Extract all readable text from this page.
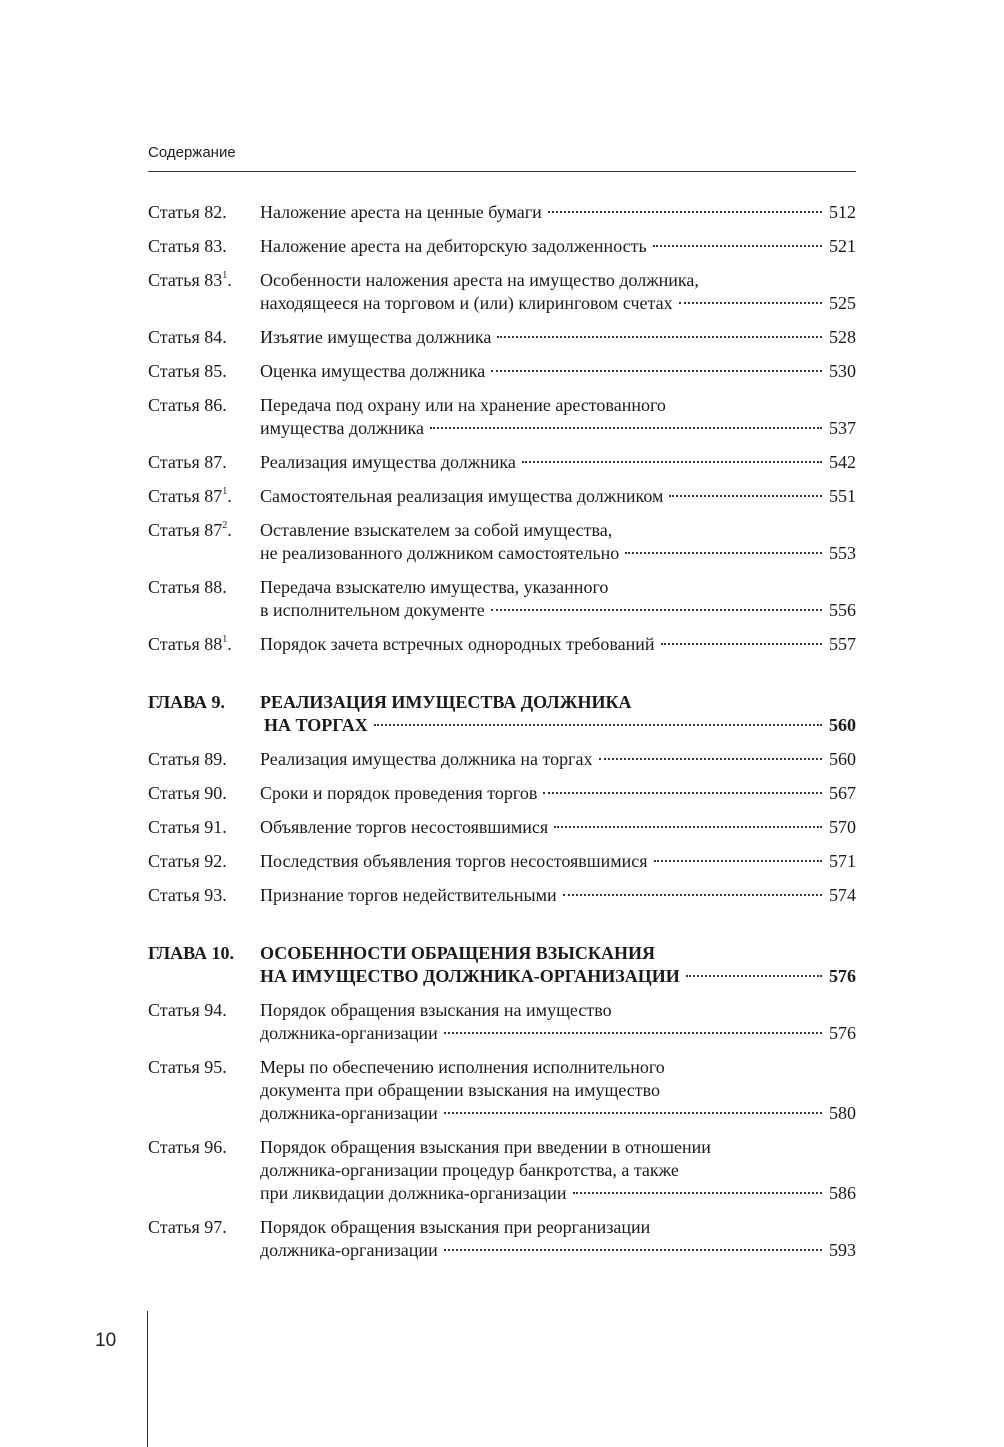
Содержание
Статья 82.	Наложение ареста на ценные бумаги	512
Статья 83.	Наложение ареста на дебиторскую задолженность	521
Статья $83^1$.	Особенности наложения ареста на имущество должника,
находящееся на торговом и (или) клиринговом счетах	525
Статья 84.	Изъятие имущества должника	528
Статья 85.	Оценка имущества должника	530
Статья 86.	Передача под охрану или на хранение арестованного
имущества должника	537
Статья 87.	Реализация имущества должника	542
Статья $87^1$.	Самостоятельная реализация имущества должником	551
Статья $87^2$.	Оставление взыскателем за собой имущества,
не реализованного должником самостоятельно	553
Статья 88.	Передача взыскателю имущества, указанного
в исполнительном документе	556
Статья $88^1$.	Порядок зачета встречных однородных требований	557
ГЛАВА 9.	РЕАЛИЗАЦИЯ ИМУЩЕСТВА ДОЛЖНИКА
НА ТОРГАХ	560
Статья 89.	Реализация имущества должника на торгах	560
Статья 90.	Сроки и порядок проведения торгов	567
Статья 91.	Объявление торгов несостоявшимися	570
Статья 92.	Последствия объявления торгов несостоявшимися	571
Статья 93.	Признание торгов недействительными	574
ГЛАВА 10.	ОСОБЕННОСТИ ОБРАЩЕНИЯ ВЗЫСКАНИЯ
НА ИМУЩЕСТВО ДОЛЖНИКА-ОРГАНИЗАЦИИ	576
Статья 94.	Порядок обращения взыскания на имущество
должника-организации	576
Статья 95.	Меры по обеспечению исполнения исполнительного
документа при обращении взыскания на имущество
должника-организации	580
Статья 96.	Порядок обращения взыскания при введении в отношении
должника-организации процедур банкротства, а также
при ликвидации должника-организации	586
Статья 97.	Порядок обращения взыскания при реорганизации
должника-организации	593
10
